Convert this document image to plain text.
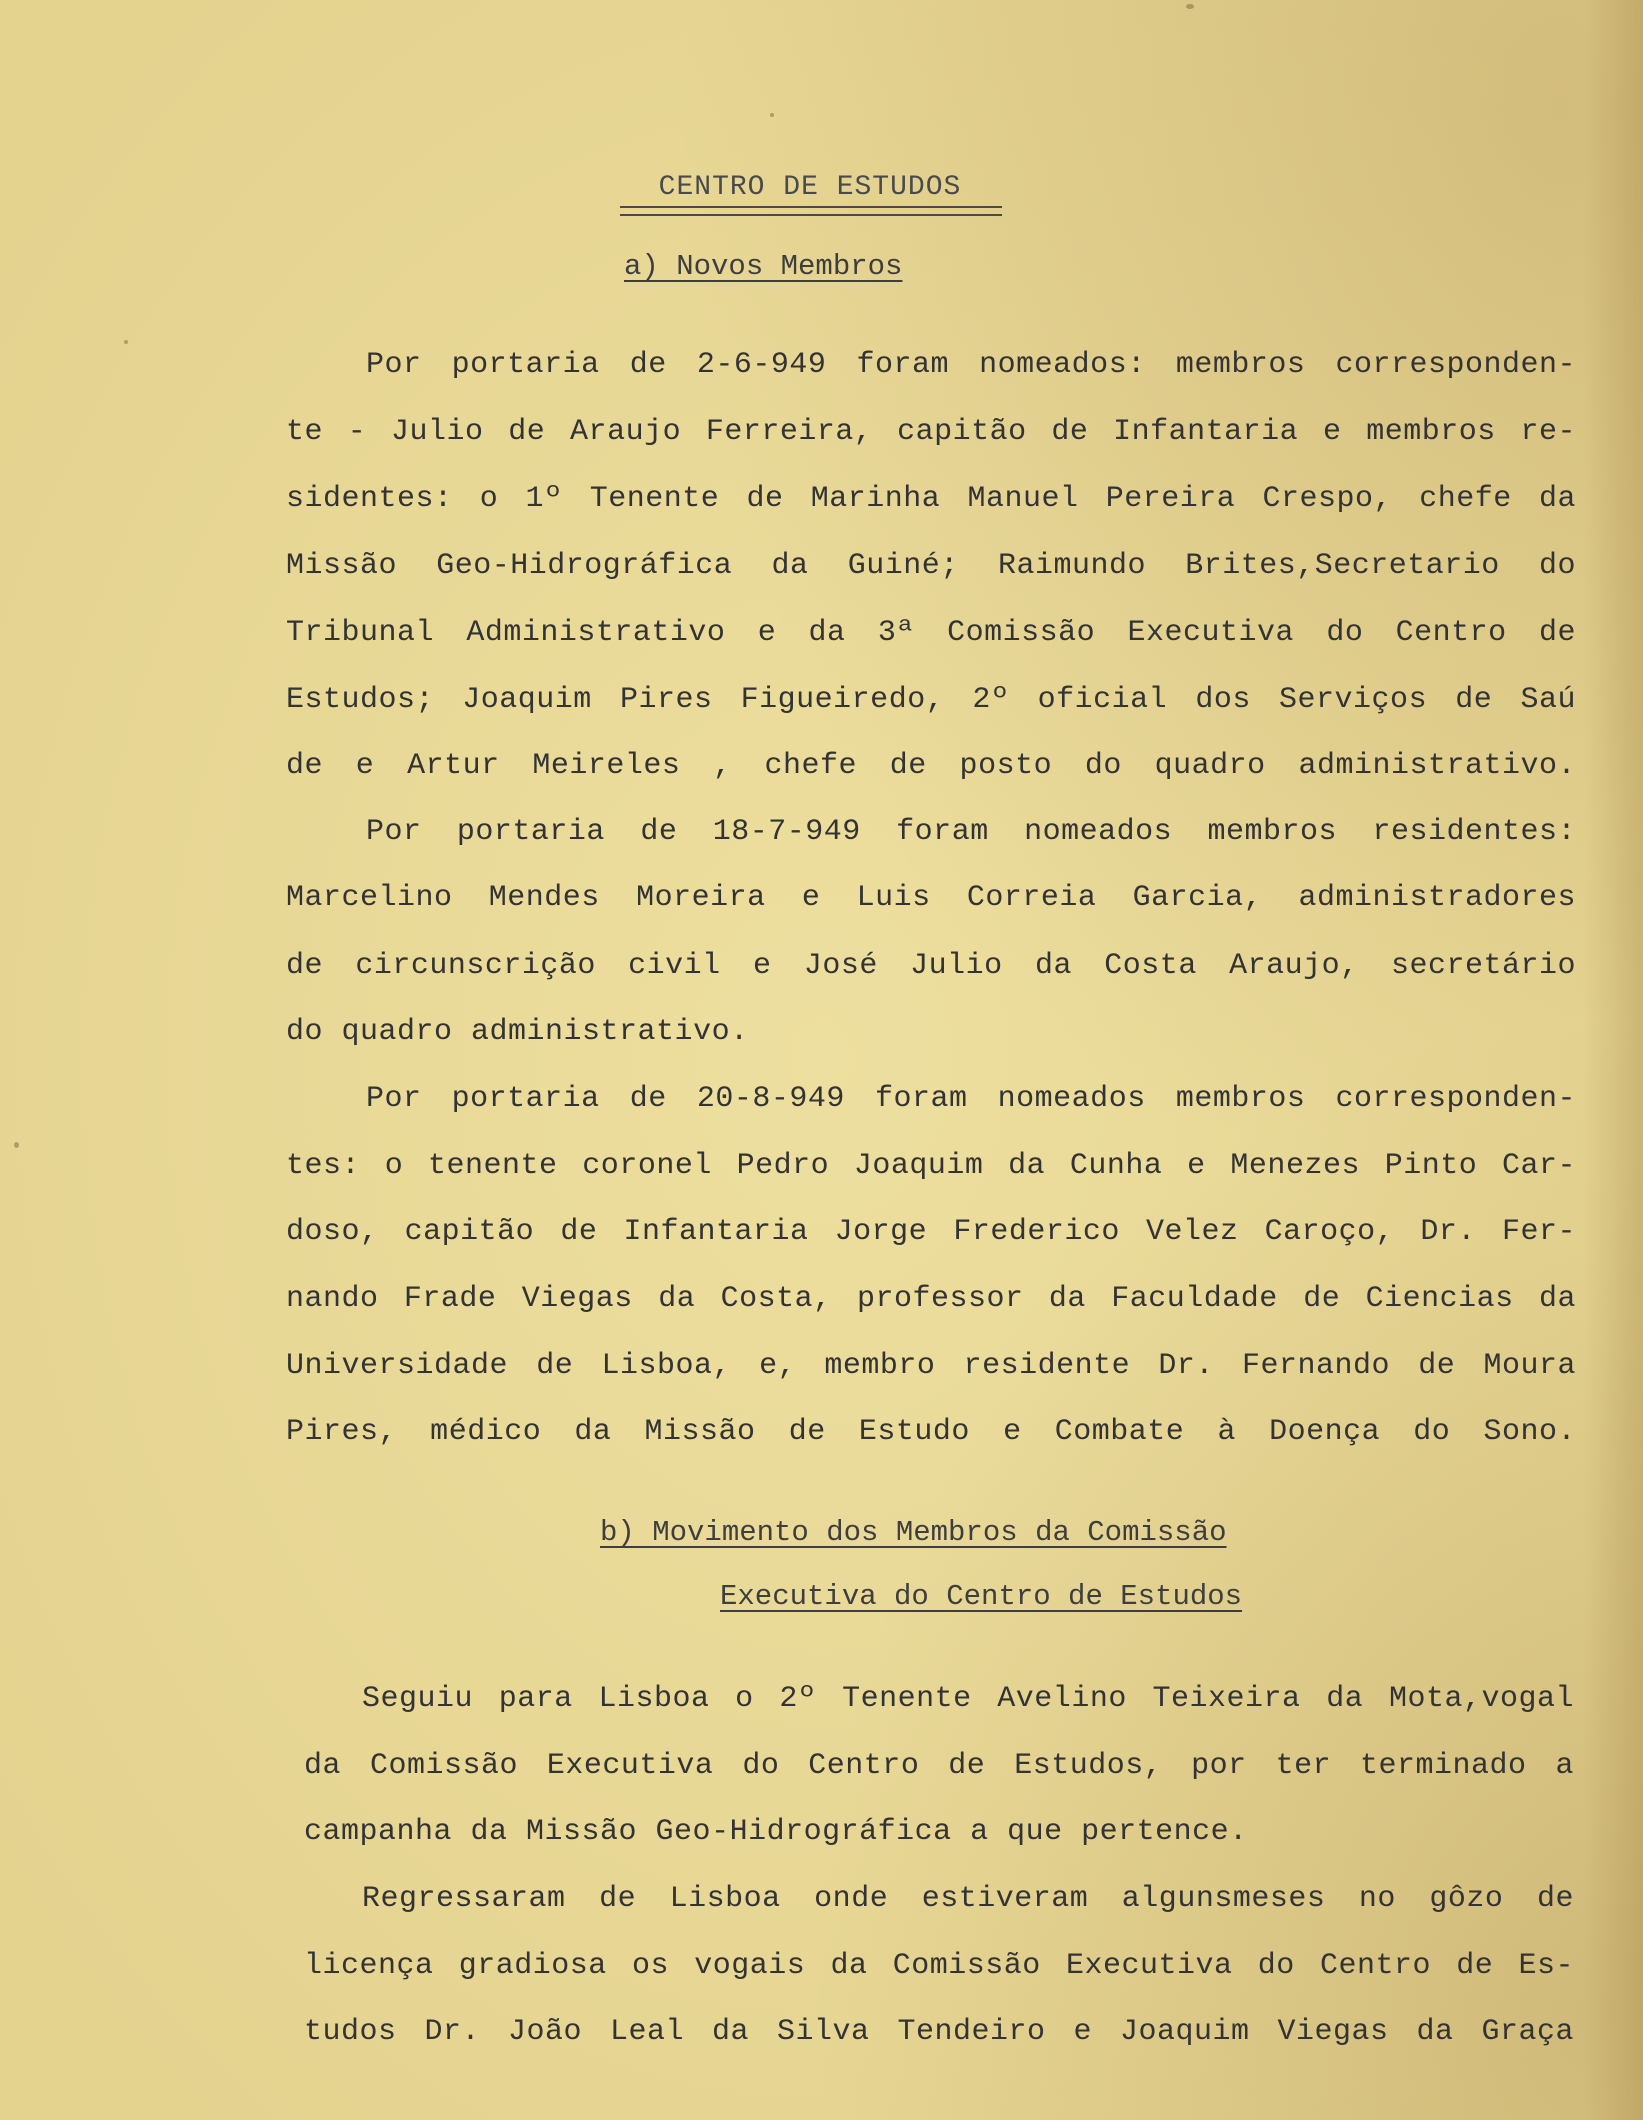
CENTRO DE ESTUDOS
a) Novos Membros
Por portaria de 2-6-949 foram nomeados: membros corresponden-
te - Julio de Araujo Ferreira, capitão de Infantaria e membros re-
sidentes: o 1º Tenente de Marinha Manuel Pereira Crespo, chefe da
Missão Geo-Hidrográfica da Guiné; Raimundo Brites,Secretario do
Tribunal Administrativo e da 3ª Comissão Executiva do Centro de
Estudos; Joaquim Pires Figueiredo, 2º oficial dos Serviços de Saú
de e Artur Meireles , chefe de posto do quadro administrativo.
Por portaria de 18-7-949 foram nomeados membros residentes:
Marcelino Mendes Moreira e Luis Correia Garcia, administradores
de circunscrição civil e José Julio da Costa Araujo, secretário
do quadro administrativo.
Por portaria de 20-8-949 foram nomeados membros corresponden-
tes: o tenente coronel Pedro Joaquim da Cunha e Menezes Pinto Car-
doso, capitão de Infantaria Jorge Frederico Velez Caroço, Dr. Fer-
nando Frade Viegas da Costa, professor da Faculdade de Ciencias da
Universidade de Lisboa, e, membro residente Dr. Fernando de Moura
Pires, médico da Missão de Estudo e Combate à Doença do Sono.
b) Movimento dos Membros da Comissão
Executiva do Centro de Estudos
Seguiu para Lisboa o 2º Tenente Avelino Teixeira da Mota,vogal
da Comissão Executiva do Centro de Estudos, por ter terminado a
campanha da Missão Geo-Hidrográfica a que pertence.
Regressaram de Lisboa onde estiveram algunsmeses no gôzo de
licença gradiosa os vogais da Comissão Executiva do Centro de Es-
tudos Dr. João Leal da Silva Tendeiro e Joaquim Viegas da Graça
